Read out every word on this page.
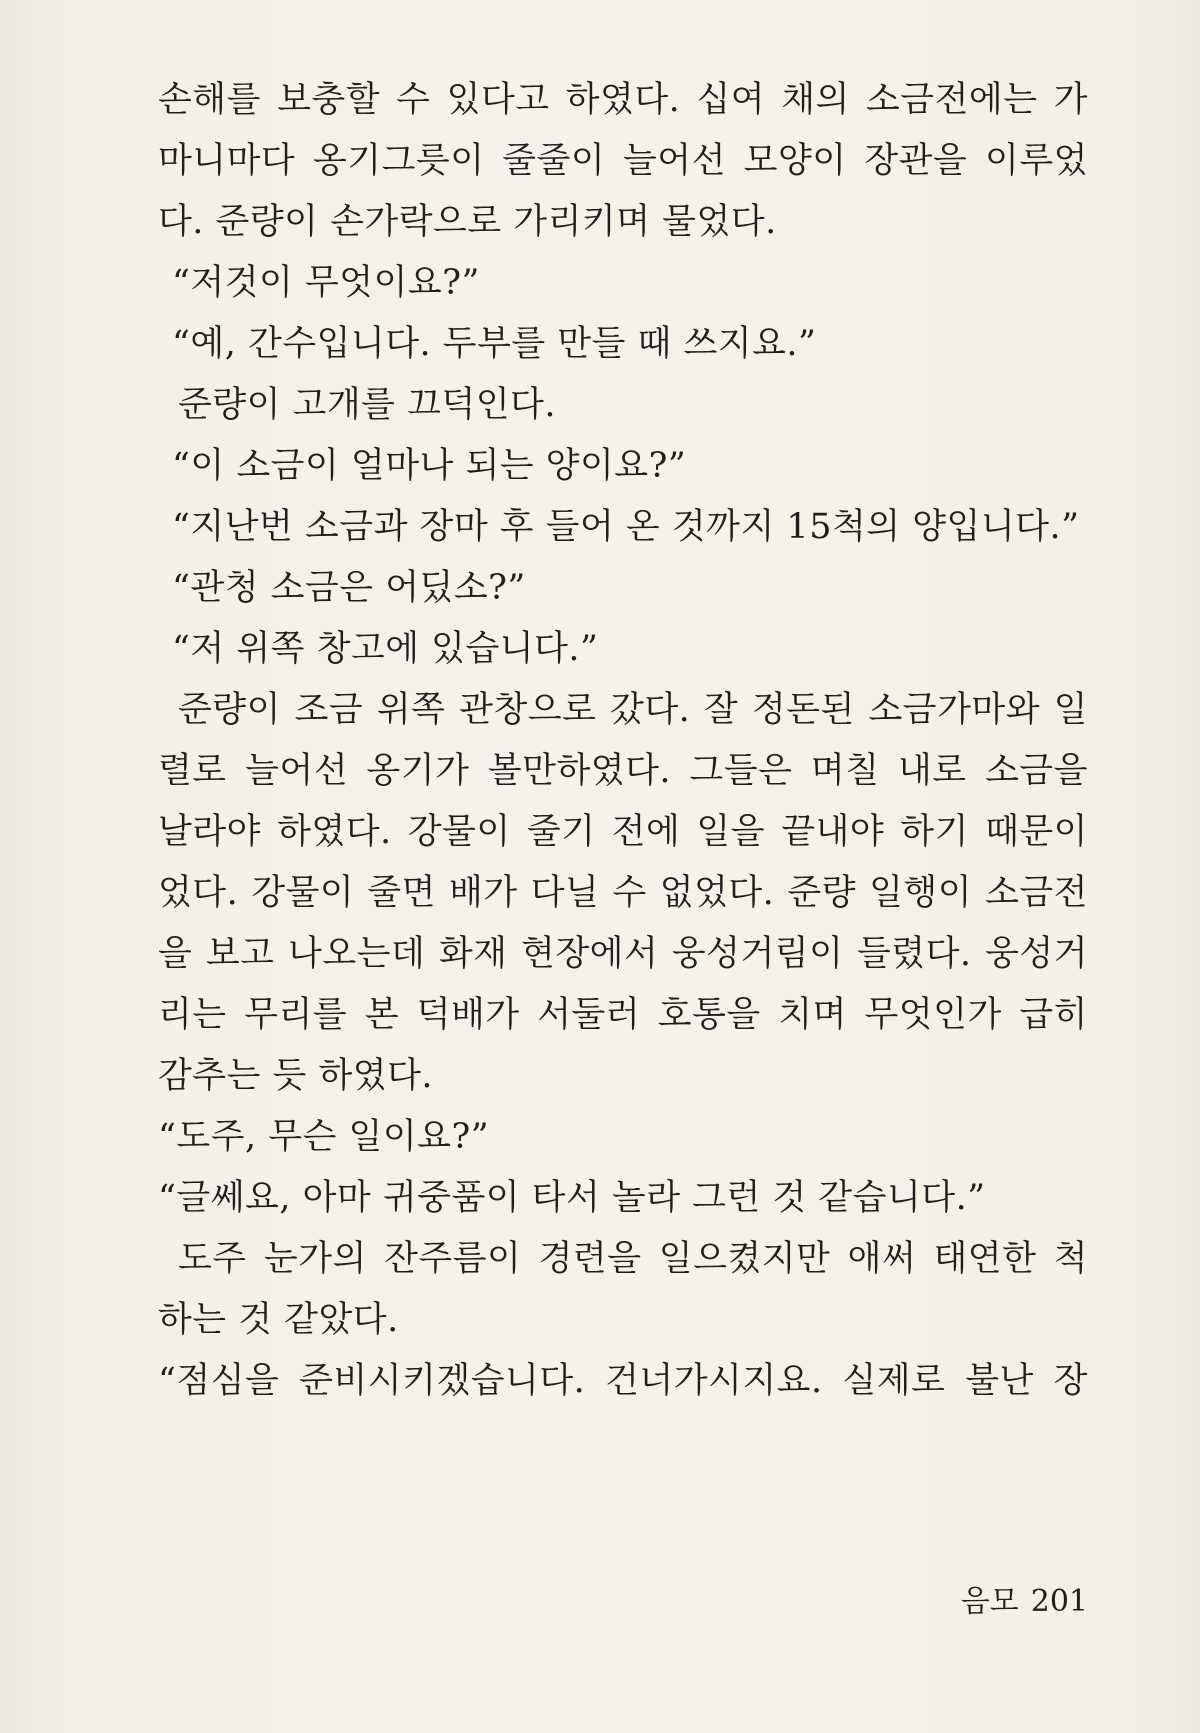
손해를 보충할 수 있다고 하였다. 십여 채의 소금전에는 가
마니마다 옹기그릇이 줄줄이 늘어선 모양이 장관을 이루었
다. 준량이 손가락으로 가리키며 물었다.
“저것이 무엇이요?”
“예, 간수입니다. 두부를 만들 때 쓰지요.”
준량이 고개를 끄덕인다.
“이 소금이 얼마나 되는 양이요?”
“지난번 소금과 장마 후 들어 온 것까지 15척의 양입니다.”
“관청 소금은 어딨소?”
“저 위쪽 창고에 있습니다.”
준량이 조금 위쪽 관창으로 갔다. 잘 정돈된 소금가마와 일
렬로 늘어선 옹기가 볼만하였다. 그들은 며칠 내로 소금을
날라야 하였다. 강물이 줄기 전에 일을 끝내야 하기 때문이
었다. 강물이 줄면 배가 다닐 수 없었다. 준량 일행이 소금전
을 보고 나오는데 화재 현장에서 웅성거림이 들렸다. 웅성거
리는 무리를 본 덕배가 서둘러 호통을 치며 무엇인가 급히
감추는 듯 하였다.
“도주, 무슨 일이요?”
“글쎄요, 아마 귀중품이 타서 놀라 그런 것 같습니다.”
도주 눈가의 잔주름이 경련을 일으켰지만 애써 태연한 척
하는 것 같았다.
“점심을 준비시키겠습니다. 건너가시지요. 실제로 불난 장
음모 201
